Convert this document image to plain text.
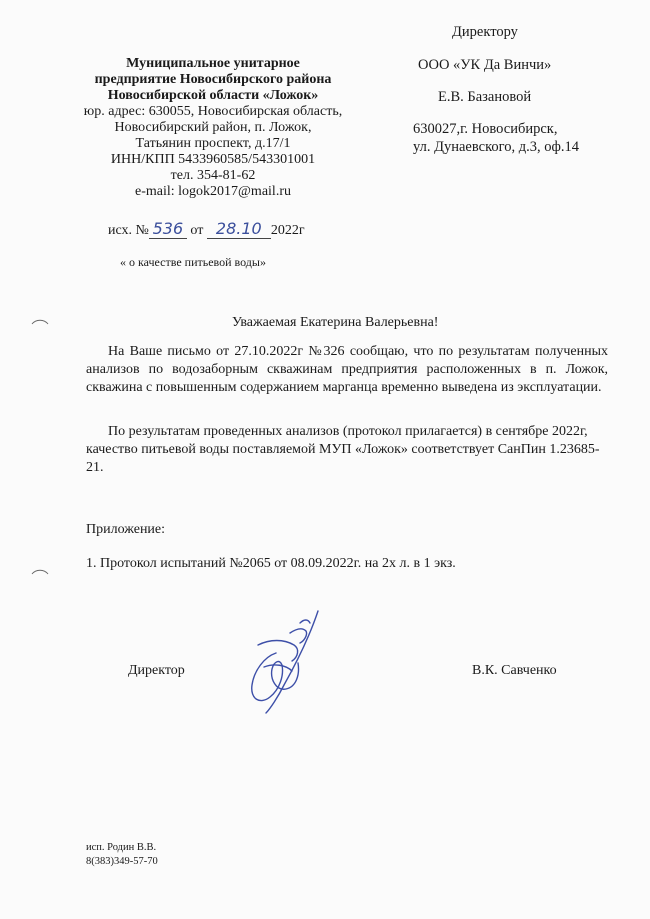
Директору
ООО «УК Да Винчи»
Е.В. Базановой
630027,г. Новосибирск,
ул. Дунаевского, д.3, оф.14
Муниципальное унитарное
предприятие Новосибирского района
Новосибирской области «Ложок»
юр. адрес: 630055, Новосибирская область,
Новосибирский район, п. Ложок,
Татьянин проспект, д.17/1
ИНН/КПП 5433960585/543301001
тел. 354-81-62
e-mail: logok2017@mail.ru
исх. № 536 от 28.10 2022г
« о качестве питьевой воды»
Уважаемая Екатерина Валерьевна!
На Ваше письмо от 27.10.2022г №326 сообщаю, что по результатам полученных анализов по водозаборным скважинам предприятия расположенных в п. Ложок, скважина с повышенным содержанием марганца временно выведена из эксплуатации.
По результатам проведенных анализов (протокол прилагается) в сентябре 2022г, качество питьевой воды поставляемой МУП «Ложок» соответствует СанПин 1.23685-21.
Приложение:
1. Протокол испытаний №2065 от 08.09.2022г. на 2х л. в 1 экз.
Директор	В.К. Савченко
исп. Родин В.В.
8(383)349-57-70
